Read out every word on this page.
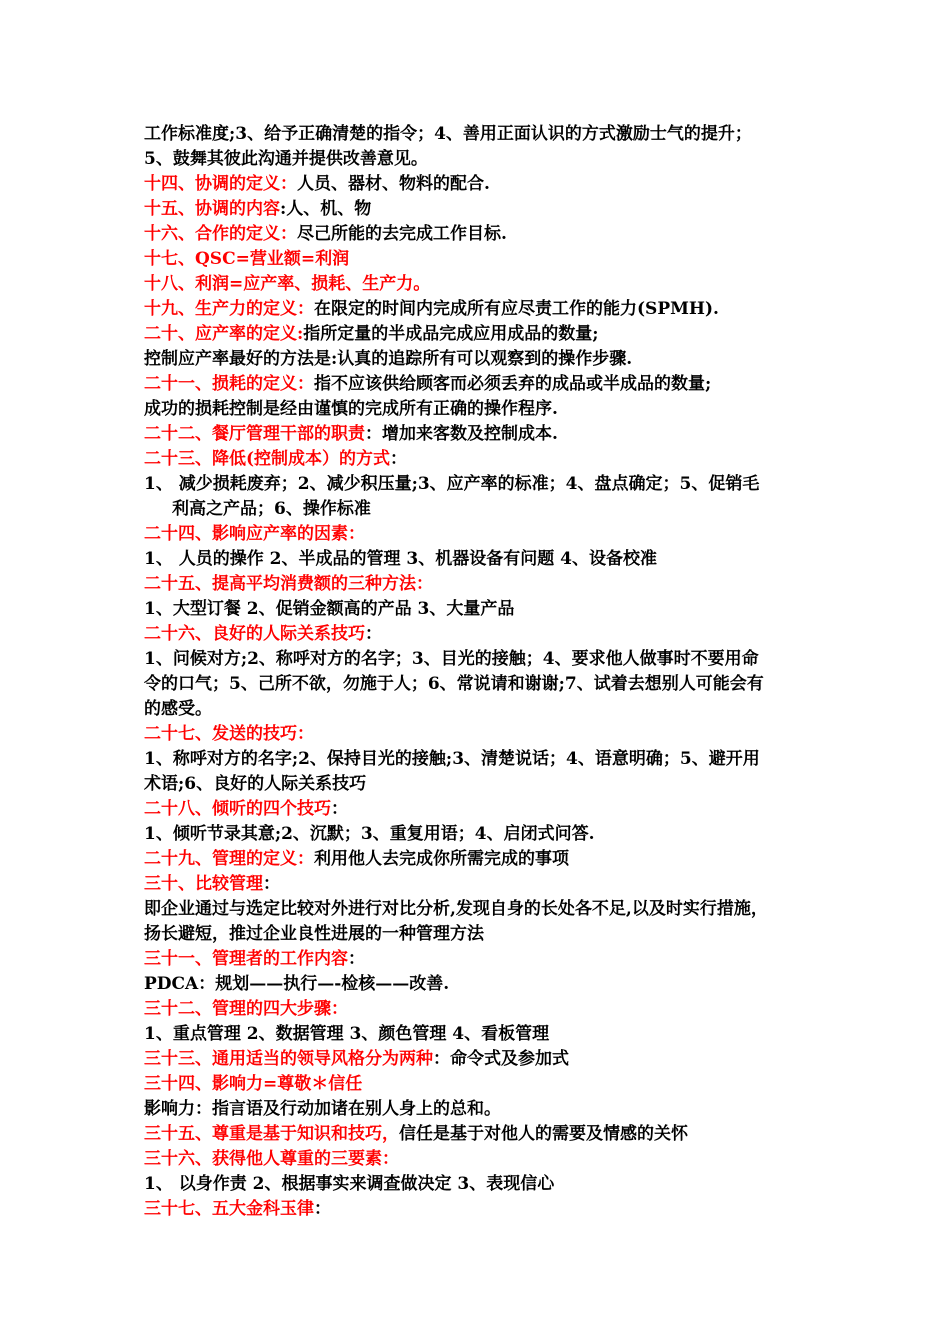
工作标准度;3、给予正确清楚的指令；4、善用正面认识的方式激励士气的提升；
5、鼓舞其彼此沟通并提供改善意见。
十四、协调的定义：人员、器材、物料的配合.
十五、协调的内容:人、机、物
十六、合作的定义：尽己所能的去完成工作目标.
十七、QSC=营业额=利润
十八、利润=应产率、损耗、生产力。
十九、生产力的定义：在限定的时间内完成所有应尽责工作的能力(SPMH).
二十、应产率的定义:指所定量的半成品完成应用成品的数量;
控制应产率最好的方法是:认真的追踪所有可以观察到的操作步骤.
二十一、损耗的定义：指不应该供给顾客而必须丢弃的成品或半成品的数量;
成功的损耗控制是经由谨慎的完成所有正确的操作程序.
二十二、餐厅管理干部的职责：增加来客数及控制成本.
二十三、降低(控制成本）的方式：
1、 减少损耗废弃；2、减少积压量;3、应产率的标准；4、盘点确定；5、促销毛
利高之产品；6、操作标准
二十四、影响应产率的因素：
1、 人员的操作 2、半成品的管理 3、机器设备有问题 4、设备校准
二十五、提高平均消费额的三种方法：
1、大型订餐 2、促销金额高的产品 3、大量产品
二十六、良好的人际关系技巧：
1、问候对方;2、称呼对方的名字；3、目光的接触；4、要求他人做事时不要用命
令的口气；5、己所不欲，勿施于人；6、常说请和谢谢;7、试着去想别人可能会有
的感受。
二十七、发送的技巧：
1、称呼对方的名字;2、保持目光的接触;3、清楚说话；4、语意明确；5、避开用
术语;6、良好的人际关系技巧
二十八、倾听的四个技巧：
1、倾听节录其意;2、沉默；3、重复用语；4、启闭式问答.
二十九、管理的定义：利用他人去完成你所需完成的事项
三十、比较管理：
即企业通过与选定比较对外进行对比分析,发现自身的长处各不足,以及时实行措施，
扬长避短，推过企业良性进展的一种管理方法
三十一、管理者的工作内容：
PDCA：规划——执行—-检核——改善.
三十二、管理的四大步骤：
1、重点管理 2、数据管理 3、颜色管理 4、看板管理
三十三、通用适当的领导风格分为两种：命令式及参加式
三十四、影响力=尊敬＊信任
影响力：指言语及行动加诸在别人身上的总和。
三十五、尊重是基于知识和技巧，信任是基于对他人的需要及情感的关怀
三十六、获得他人尊重的三要素：
1、 以身作责 2、根据事实来调查做决定 3、表现信心
三十七、五大金科玉律：
